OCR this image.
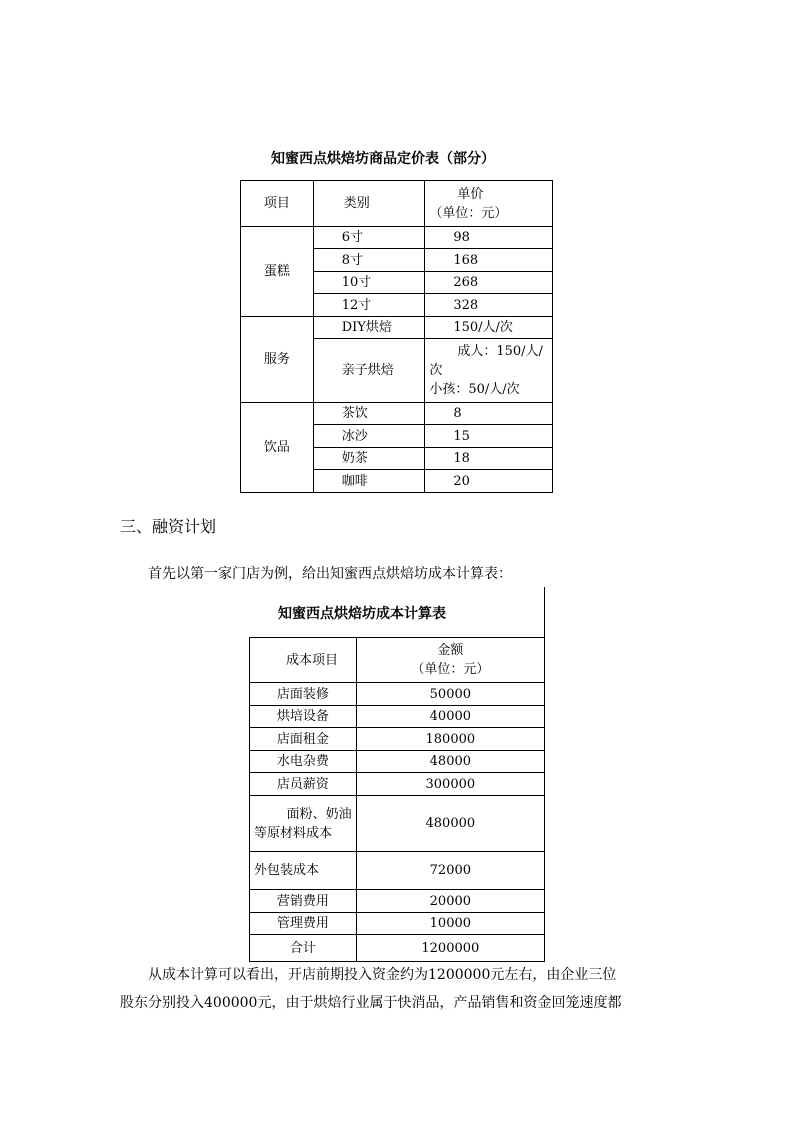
知蜜西点烘焙坊商品定价表（部分）
项目	类别	单价
（单位：元）

蛋糕	6寸	98
	8寸	168
	10寸	268
	12寸	328
服务	DIY烘焙	150/人/次
	亲子烘焙	成人：150/人/
次
小孩：50/人/次

饮品	茶饮	8
	冰沙	15
	奶茶	18
	咖啡	20
三、融资计划
首先以第一家门店为例，给出知蜜西点烘焙坊成本计算表：
知蜜西点烘焙坊成本计算表
成本项目	金额
（单位：元）

店面装修	50000
烘培设备	40000
店面租金	180000
水电杂费	48000
店员薪资	300000

面粉、奶油
等原材料成本	480000
外包装成本	72000
营销费用	20000
管理费用	10000
合计	1200000
从成本计算可以看出，开店前期投入资金约为1200000元左右，由企业三位
股东分别投入400000元，由于烘焙行业属于快消品，产品销售和资金回笼速度都
